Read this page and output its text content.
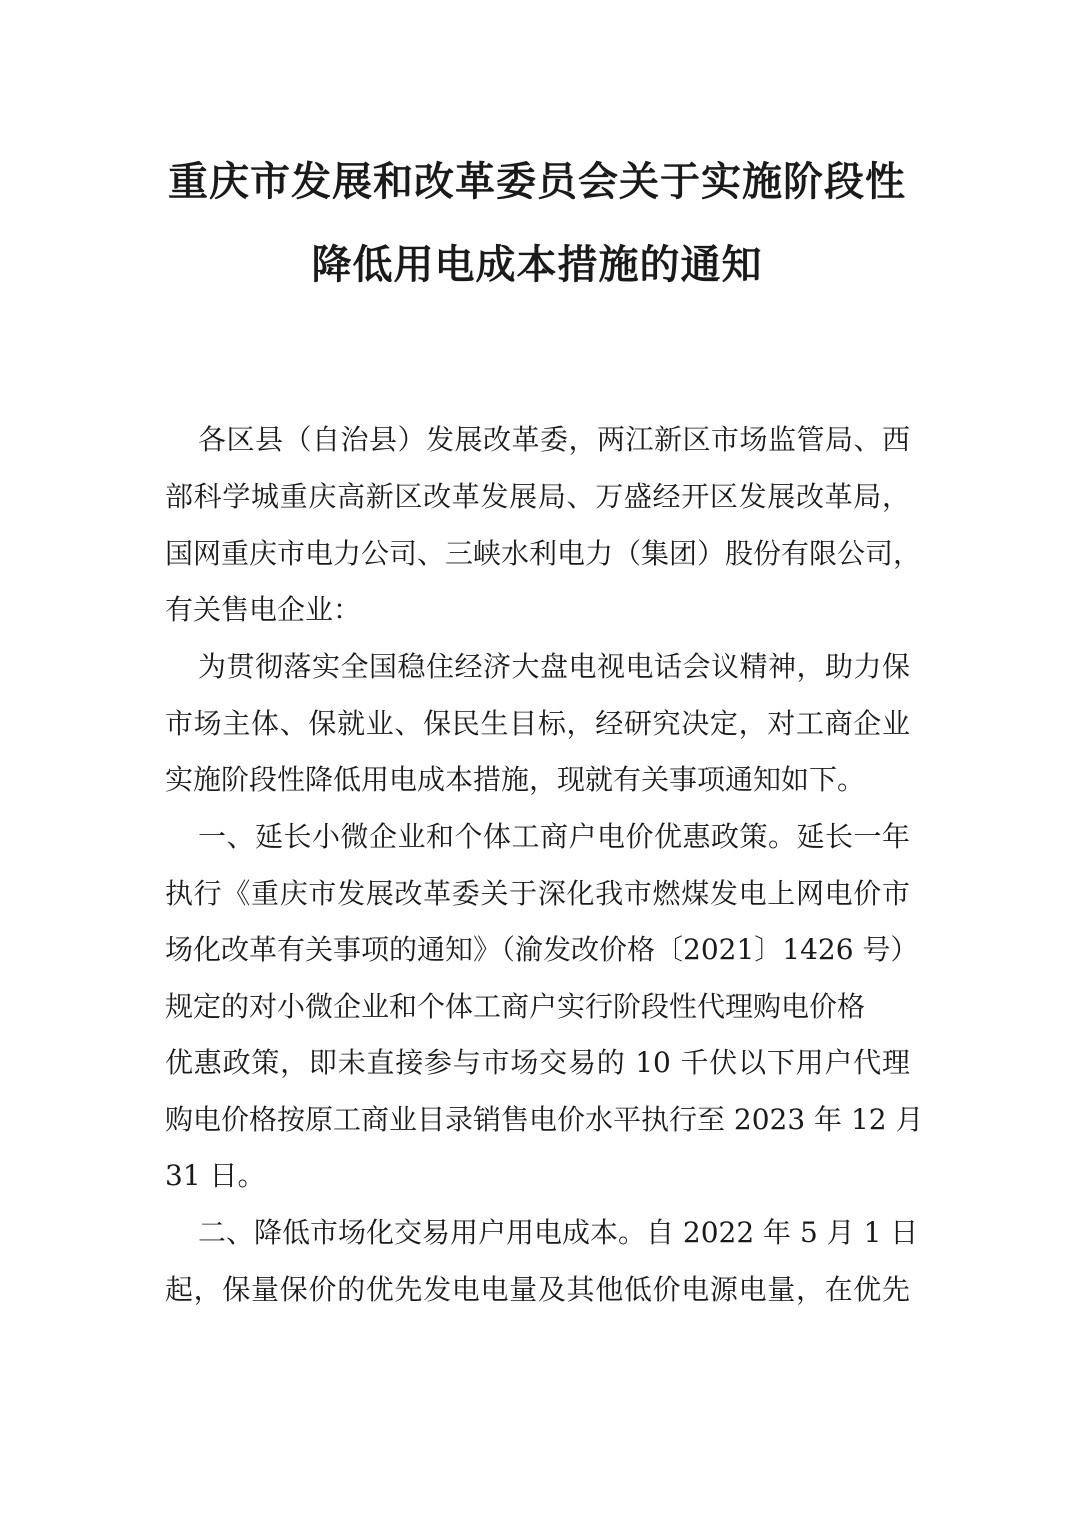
重庆市发展和改革委员会关于实施阶段性
降低用电成本措施的通知
各区县（自治县）发展改革委，两江新区市场监管局、西
部科学城重庆高新区改革发展局、万盛经开区发展改革局，
国网重庆市电力公司、三峡水利电力（集团）股份有限公司，
有关售电企业：
为贯彻落实全国稳住经济大盘电视电话会议精神，助力保
市场主体、保就业、保民生目标，经研究决定，对工商企业
实施阶段性降低用电成本措施，现就有关事项通知如下。
一、延长小微企业和个体工商户电价优惠政策。延长一年
执行《重庆市发展改革委关于深化我市燃煤发电上网电价市
场化改革有关事项的通知》（渝发改价格〔2021〕1426 号）
规定的对小微企业和个体工商户实行阶段性代理购电价格
优惠政策，即未直接参与市场交易的 10 千伏以下用户代理
购电价格按原工商业目录销售电价水平执行至 2023 年 12 月
31 日。
二、降低市场化交易用户用电成本。自 2022 年 5 月 1 日
起，保量保价的优先发电电量及其他低价电源电量，在优先
